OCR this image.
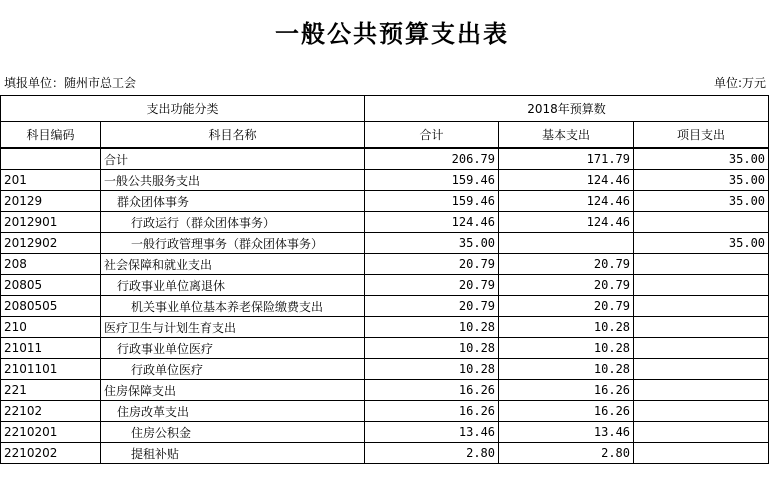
一般公共预算支出表
填报单位：随州市总工会	单位:万元
支出功能分类		2018年预算数		
科目编码	科目名称	合计	基本支出	项目支出
	合计	206.79	171.79	35.00
201	一般公共服务支出	159.46	124.46	35.00
20129	群众团体事务	159.46	124.46	35.00
2012901	行政运行（群众团体事务）	124.46	124.46	
2012902	一般行政管理事务（群众团体事务）	35.00		35.00
208	社会保障和就业支出	20.79	20.79	
20805	行政事业单位离退休	20.79	20.79	
2080505	机关事业单位基本养老保险缴费支出	20.79	20.79	
210	医疗卫生与计划生育支出	10.28	10.28	
21011	行政事业单位医疗	10.28	10.28	
2101101	行政单位医疗	10.28	10.28	
221	住房保障支出	16.26	16.26	
22102	住房改革支出	16.26	16.26	
2210201	住房公积金	13.46	13.46	
2210202	提租补贴	2.80	2.80	
